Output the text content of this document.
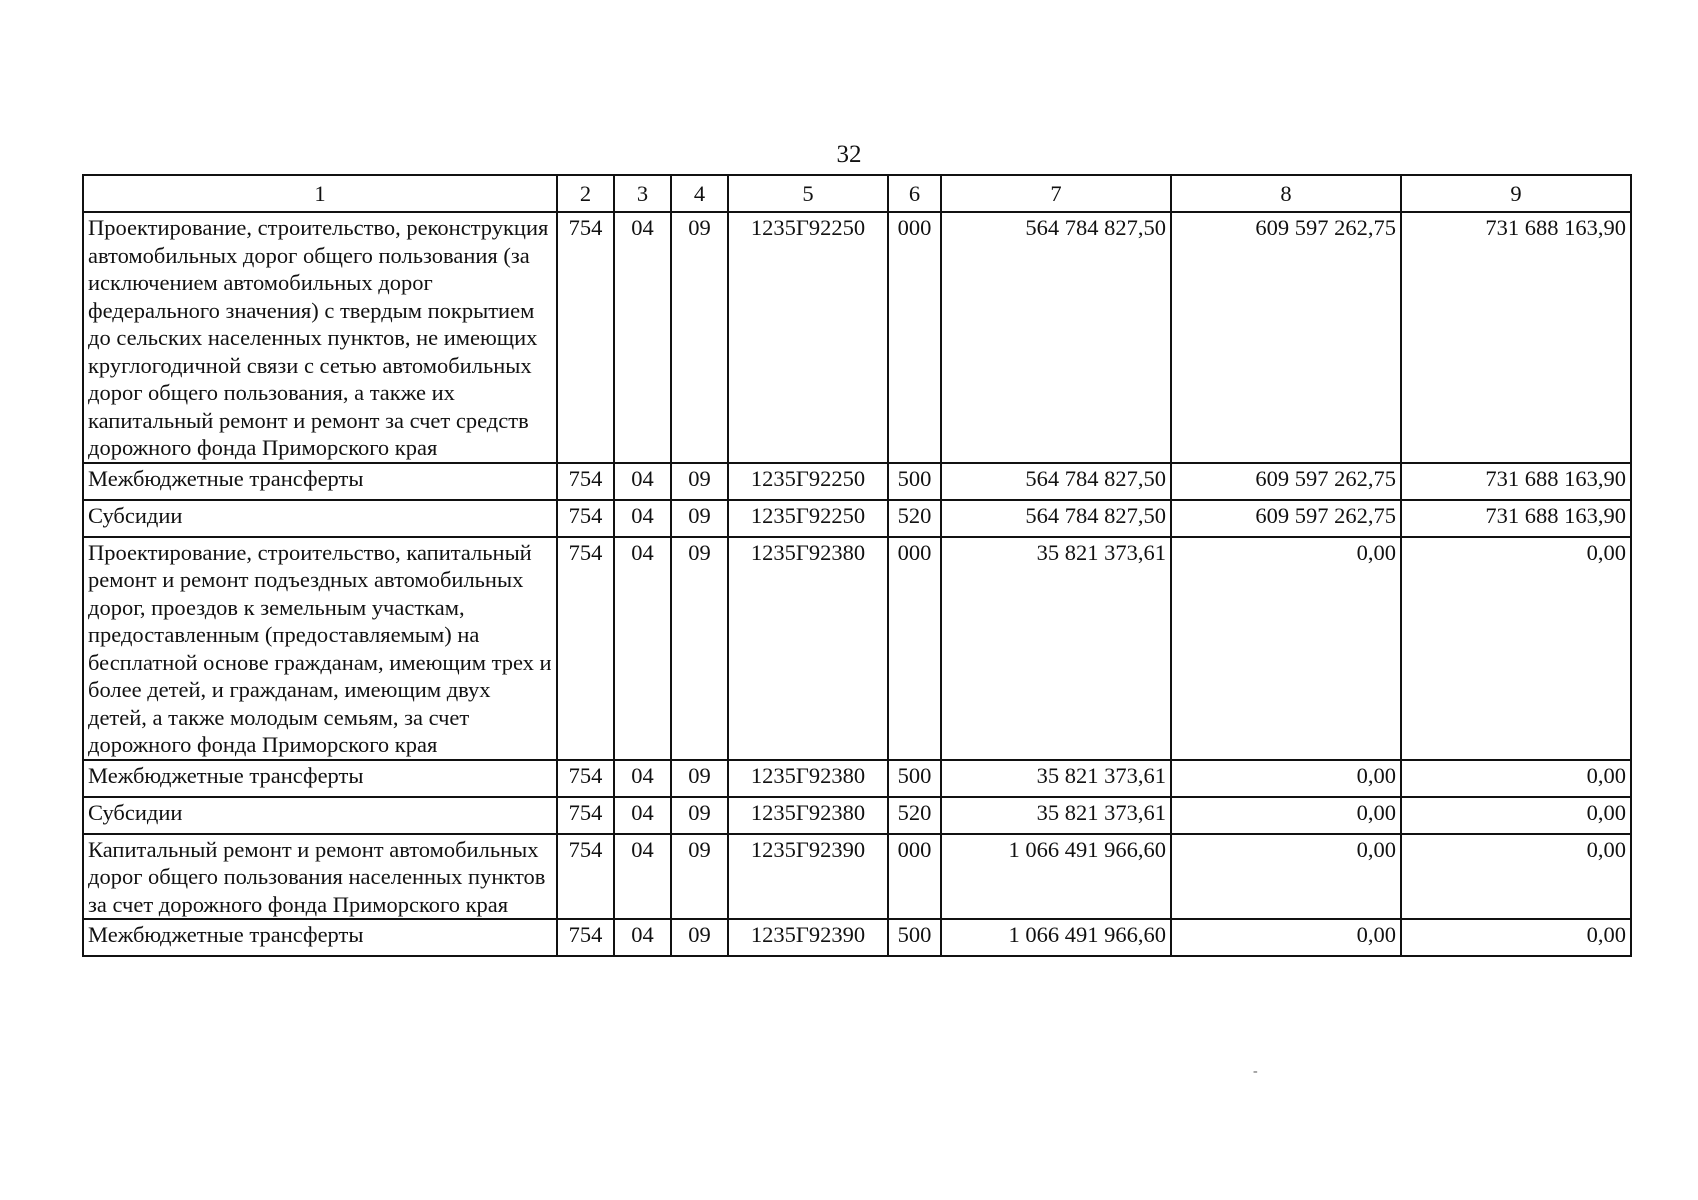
32
1	2	3	4	5	6	7	8	9
Проектирование, строительство, реконструкция автомобильных дорог общего пользования (за исключением автомобильных дорог федерального значения) с твердым покрытием до сельских населенных пунктов, не имеющих круглогодичной связи с сетью автомобильных дорог общего пользования, а также их капитальный ремонт и ремонт за счет средств дорожного фонда Приморского края	754	04	09	1235Г92250	000	564 784 827,50	609 597 262,75	731 688 163,90
Межбюджетные трансферты	754	04	09	1235Г92250	500	564 784 827,50	609 597 262,75	731 688 163,90
Субсидии	754	04	09	1235Г92250	520	564 784 827,50	609 597 262,75	731 688 163,90
Проектирование, строительство, капитальный ремонт и ремонт подъездных автомобильных дорог, проездов к земельным участкам, предоставленным (предоставляемым) на бесплатной основе гражданам, имеющим трех и более детей, и гражданам, имеющим двух детей, а также молодым семьям, за счет дорожного фонда Приморского края	754	04	09	1235Г92380	000	35 821 373,61	0,00	0,00
Межбюджетные трансферты	754	04	09	1235Г92380	500	35 821 373,61	0,00	0,00
Субсидии	754	04	09	1235Г92380	520	35 821 373,61	0,00	0,00
Капитальный ремонт и ремонт автомобильных дорог общего пользования населенных пунктов за счет дорожного фонда Приморского края	754	04	09	1235Г92390	000	1 066 491 966,60	0,00	0,00
Межбюджетные трансферты	754	04	09	1235Г92390	500	1 066 491 966,60	0,00	0,00
-
